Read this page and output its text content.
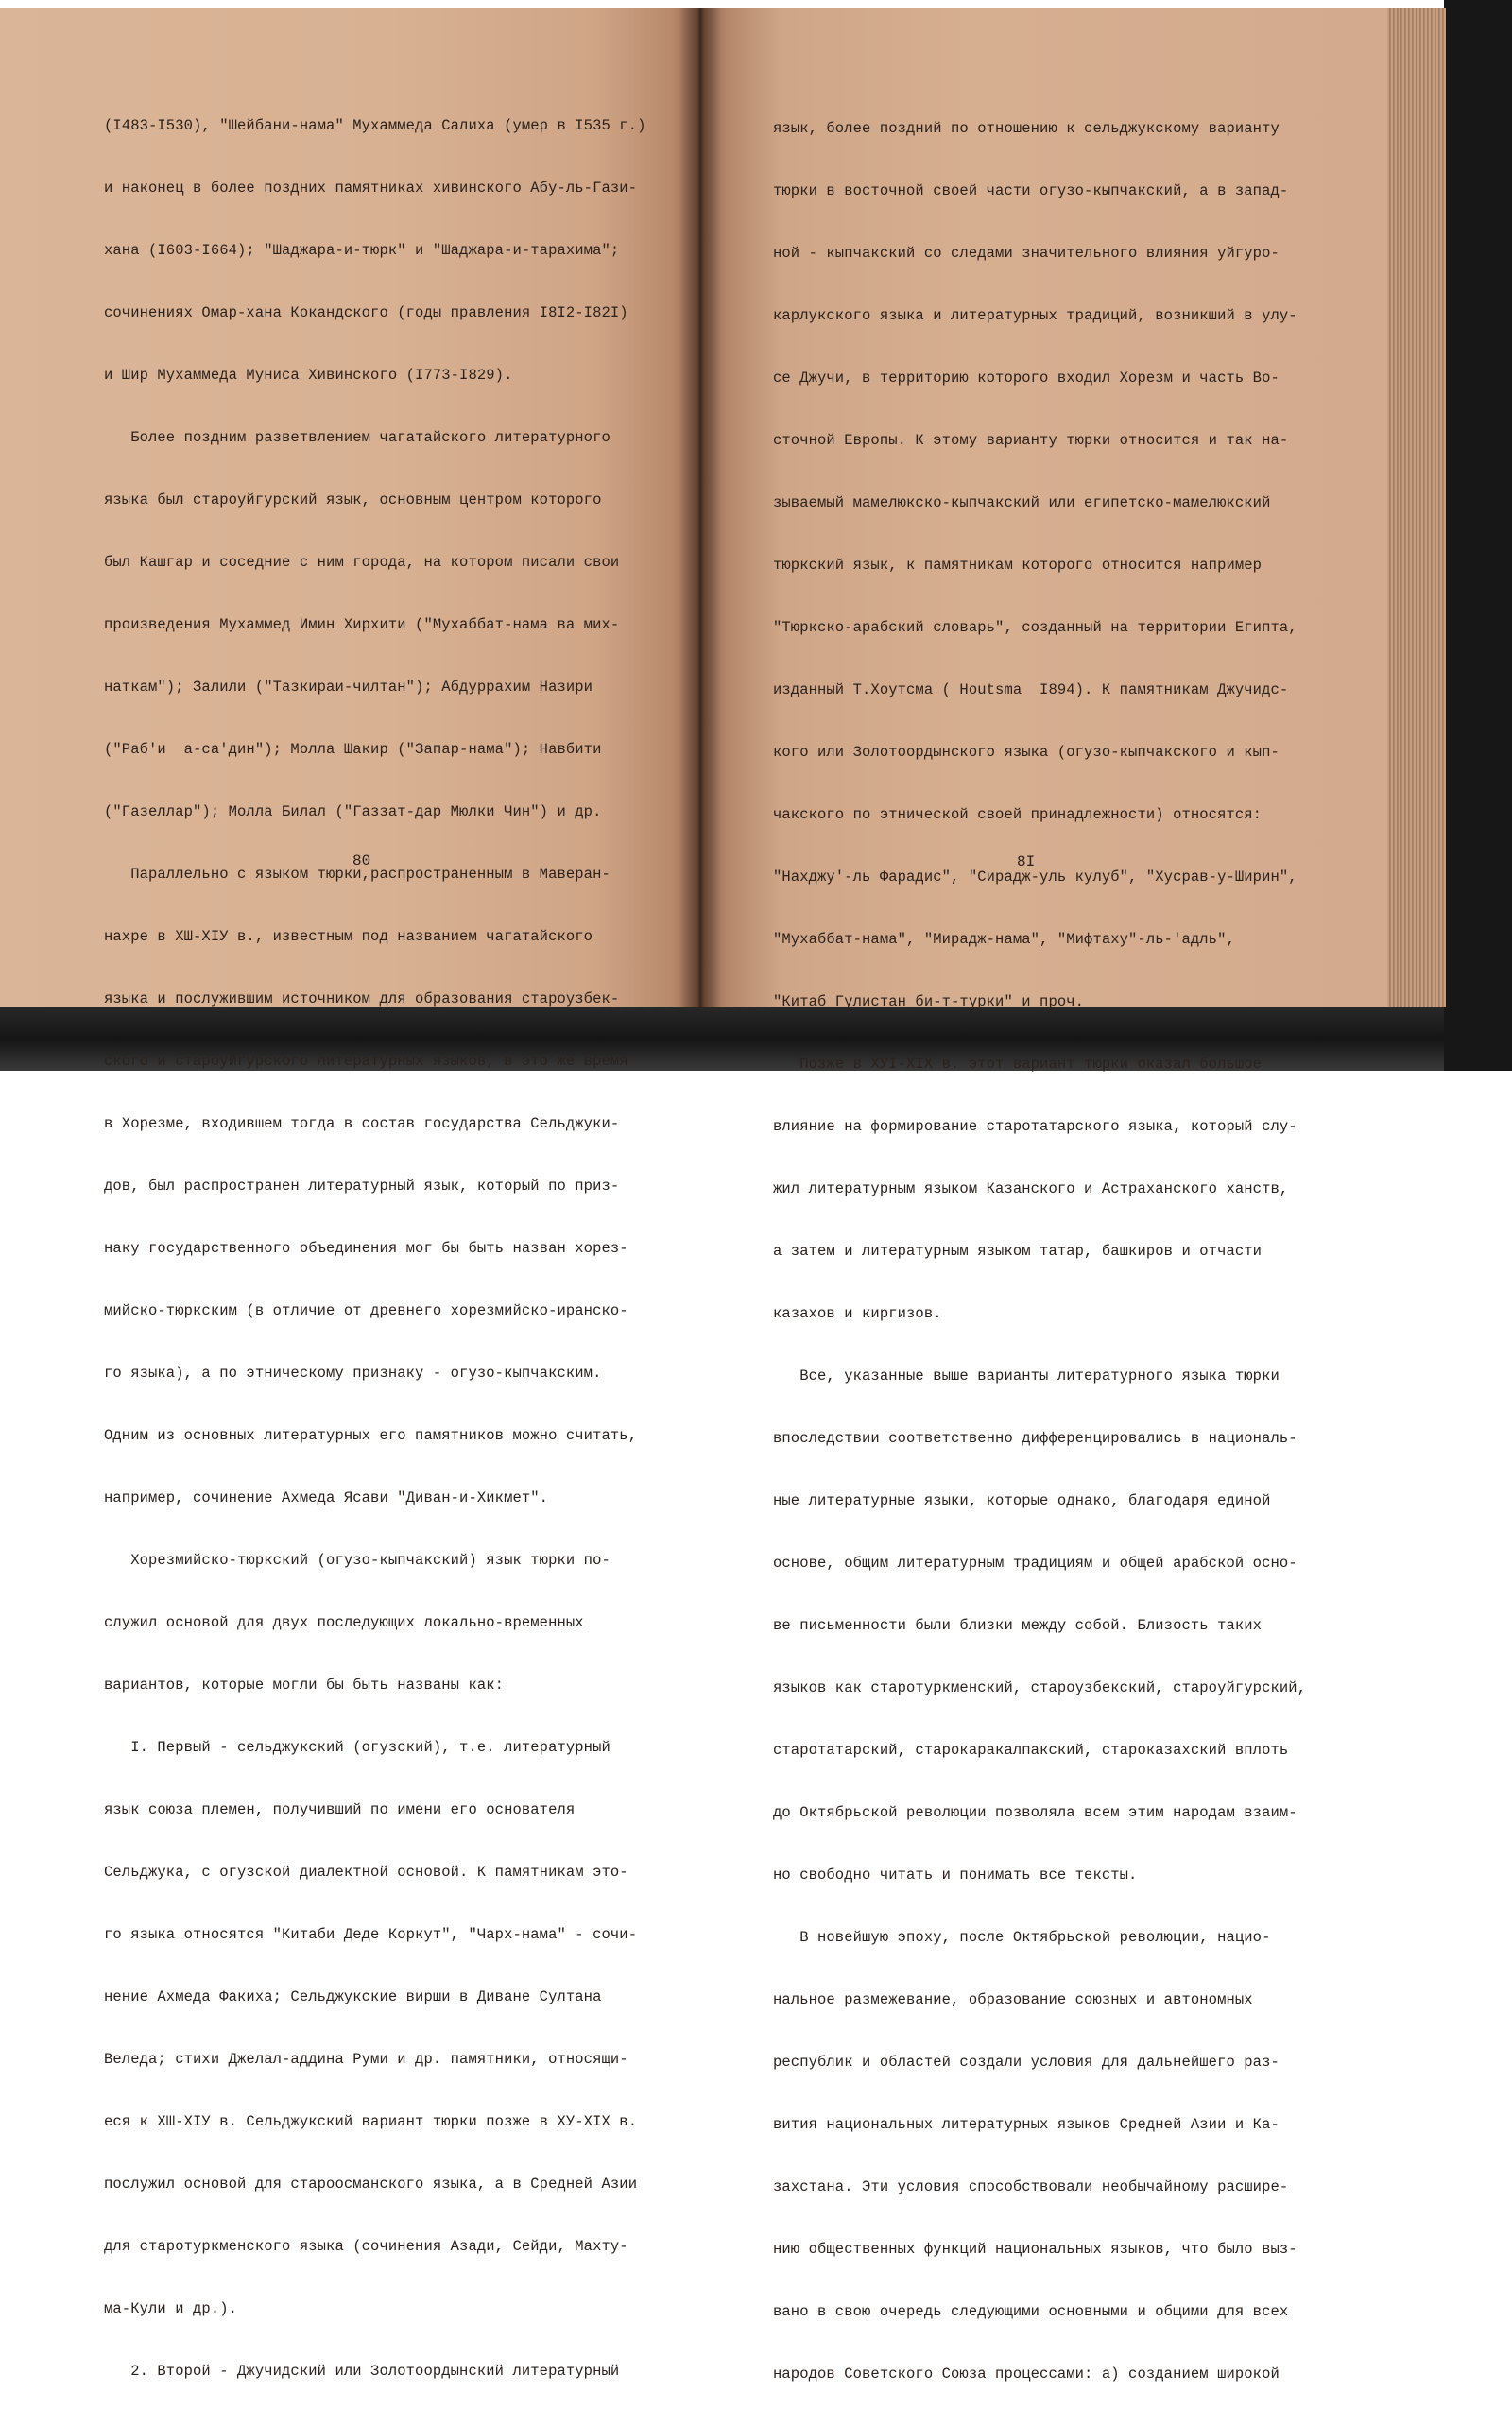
(I483-I530), "Шейбани-нама" Мухаммеда Салиха (умер в I535 г.)

и наконец в более поздних памятниках хивинского Абу-ль-Гази-

хана (I603-I664); "Шаджара-и-тюрк" и "Шаджара-и-тарахима";

сочинениях Омар-хана Кокандского (годы правления I8I2-I82I)

и Шир Мухаммеда Муниса Хивинского (I773-I829).

Более поздним разветвлением чагатайского литературного

языка был староуйгурский язык, основным центром которого

был Кашгар и соседние с ним города, на котором писали свои

произведения Мухаммед Имин Хирхити ("Мухаббат-нама ва мих-

наткам"); Залили ("Тазкираи-чилтан"); Абдуррахим Назири

("Раб'и  а-са'дин"); Молла Шакир ("Запар-нама"); Навбити

("Газеллар"); Молла Билал ("Газзат-дар Мюлки Чин") и др.

Параллельно с языком тюрки,распространенным в Маверан-

нахре в ХШ-ХIУ в., известным под названием чагатайского

языка и послужившим источником для образования староузбек-

ского и староуйгурского литературных языков, в это же время

в Хорезме, входившем тогда в состав государства Сельджуки-

дов, был распространен литературный язык, который по приз-

наку государственного объединения мог бы быть назван хорез-

мийско-тюркским (в отличие от древнего хорезмийско-иранско-

го языка), а по этническому признаку - огузо-кыпчакским.

Одним из основных литературных его памятников можно считать,

например, сочинение Ахмеда Ясави "Диван-и-Хикмет".

Хорезмийско-тюркский (огузо-кыпчакский) язык тюрки по-

служил основой для двух последующих локально-временных

вариантов, которые могли бы быть названы как:

I. Первый - сельджукский (огузский), т.е. литературный

язык союза племен, получивший по имени его основателя

Сельджука, с огузской диалектной основой. К памятникам это-

го языка относятся "Китаби Деде Коркут", "Чарх-нама" - сочи-

нение Ахмеда Факиха; Сельджукские вирши в Диване Султана

Веледа; стихи Джелал-аддина Руми и др. памятники, относящи-

еся к ХШ-ХIУ в. Сельджукский вариант тюрки позже в ХУ-ХIХ в.

послужил основой для староосманского языка, а в Средней Азии

для старотуркменского языка (сочинения Азади, Сейди, Махту-

ма-Кули и др.).

2. Второй - Джучидский или Золотоордынский литературный

язык, более поздний по отношению к сельджукскому варианту

тюрки в восточной своей части огузо-кыпчакский, а в запад-

ной - кыпчакский со следами значительного влияния уйгуро-

карлукского языка и литературных традиций, возникший в улу-

се Джучи, в территорию которого входил Хорезм и часть Во-

сточной Европы. К этому варианту тюрки относится и так на-

зываемый мамелюкско-кыпчакский или египетско-мамелюкский

тюркский язык, к памятникам которого относится например

"Тюркско-арабский словарь", созданный на территории Египта,

изданный Т.Хоутсма ( Houtsma  I894). К памятникам Джучидс-

кого или Золотоордынского языка (огузо-кыпчакского и кып-

чакского по этнической своей принадлежности) относятся:

"Нахджу'-ль Фарадис", "Сирадж-уль кулуб", "Хусрав-у-Ширин",

"Мухаббат-нама", "Мирадж-нама", "Мифтаху"-ль-'адль",

"Китаб Гулистан би-т-турки" и проч.

Позже в ХУI-ХIХ в. этот вариант тюрки оказал большое

влияние на формирование старотатарского языка, который слу-

жил литературным языком Казанского и Астраханского ханств,

а затем и литературным языком татар, башкиров и отчасти

казахов и киргизов.

Все, указанные выше варианты литературного языка тюрки

впоследствии соответственно дифференцировались в националь-

ные литературные языки, которые однако, благодаря единой

основе, общим литературным традициям и общей арабской осно-

ве письменности были близки между собой. Близость таких

языков как старотуркменский, староузбекский, староуйгурский,

старотатарский, старокаракалпакский, старокaзахский вплоть

до Октябрьской революции позволяла всем этим народам взаим-

но свободно читать и понимать все тексты.

В новейшую эпоху, после Октябрьской революции, нацио-

нальное размежевание, образование союзных и автономных

республик и областей создали условия для дальнейшего раз-

вития национальных литературных языков Средней Азии и Ка-

захстана. Эти условия способствовали необычайному расшире-

нию общественных функций национальных языков, что было выз-

вано в свою очередь следующими основными и общими для всех

народов Советского Союза процессами: а) созданием широкой

80	8I
